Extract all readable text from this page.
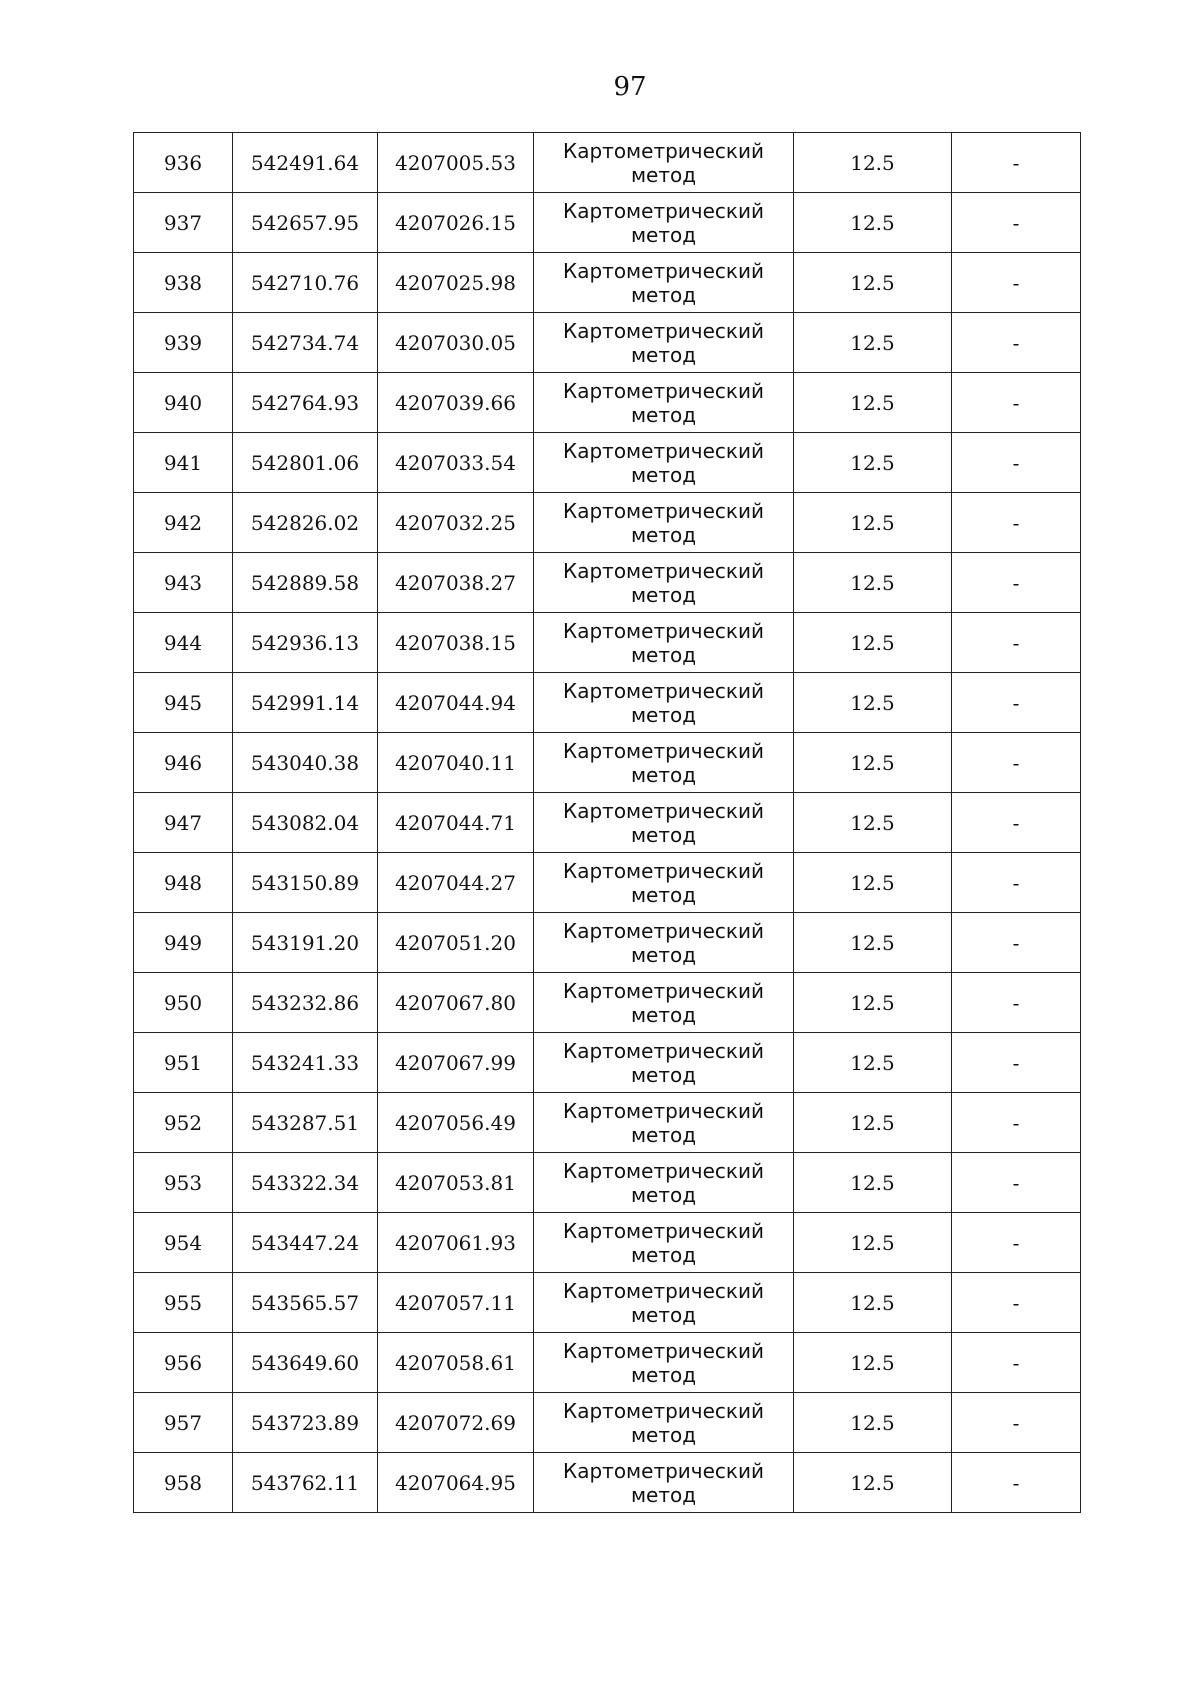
97
936	542491.64	4207005.53	Картометрический
метод	12.5	-
937	542657.95	4207026.15	Картометрический
метод	12.5	-
938	542710.76	4207025.98	Картометрический
метод	12.5	-
939	542734.74	4207030.05	Картометрический
метод	12.5	-
940	542764.93	4207039.66	Картометрический
метод	12.5	-
941	542801.06	4207033.54	Картометрический
метод	12.5	-
942	542826.02	4207032.25	Картометрический
метод	12.5	-
943	542889.58	4207038.27	Картометрический
метод	12.5	-
944	542936.13	4207038.15	Картометрический
метод	12.5	-
945	542991.14	4207044.94	Картометрический
метод	12.5	-
946	543040.38	4207040.11	Картометрический
метод	12.5	-
947	543082.04	4207044.71	Картометрический
метод	12.5	-
948	543150.89	4207044.27	Картометрический
метод	12.5	-
949	543191.20	4207051.20	Картометрический
метод	12.5	-
950	543232.86	4207067.80	Картометрический
метод	12.5	-
951	543241.33	4207067.99	Картометрический
метод	12.5	-
952	543287.51	4207056.49	Картометрический
метод	12.5	-
953	543322.34	4207053.81	Картометрический
метод	12.5	-
954	543447.24	4207061.93	Картометрический
метод	12.5	-
955	543565.57	4207057.11	Картометрический
метод	12.5	-
956	543649.60	4207058.61	Картометрический
метод	12.5	-
957	543723.89	4207072.69	Картометрический
метод	12.5	-
958	543762.11	4207064.95	Картометрический
метод	12.5	-
